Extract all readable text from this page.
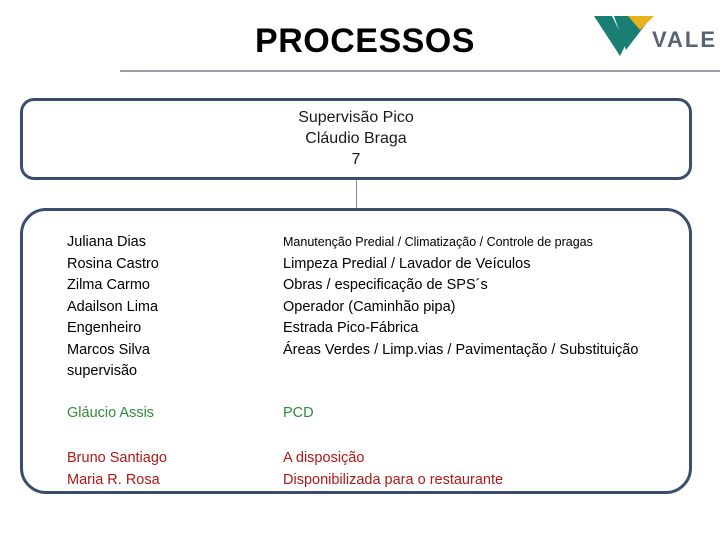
PROCESSOS	VALE
Supervisão Pico
Cláudio Braga
7
Juliana Dias
Rosina Castro
Zilma Carmo
Adailson Lima
Engenheiro
Marcos Silva
supervisão
Manutenção Predial / Climatização / Controle de pragas
Limpeza Predial / Lavador de Veículos
Obras / especificação de SPS´s
Operador (Caminhão pipa)
Estrada Pico-Fábrica
Áreas Verdes / Limp.vias / Pavimentação / Substituição
Gláucio Assis	PCD
Bruno Santiago
Maria R. Rosa
A disposição
Disponibilizada para o restaurante
